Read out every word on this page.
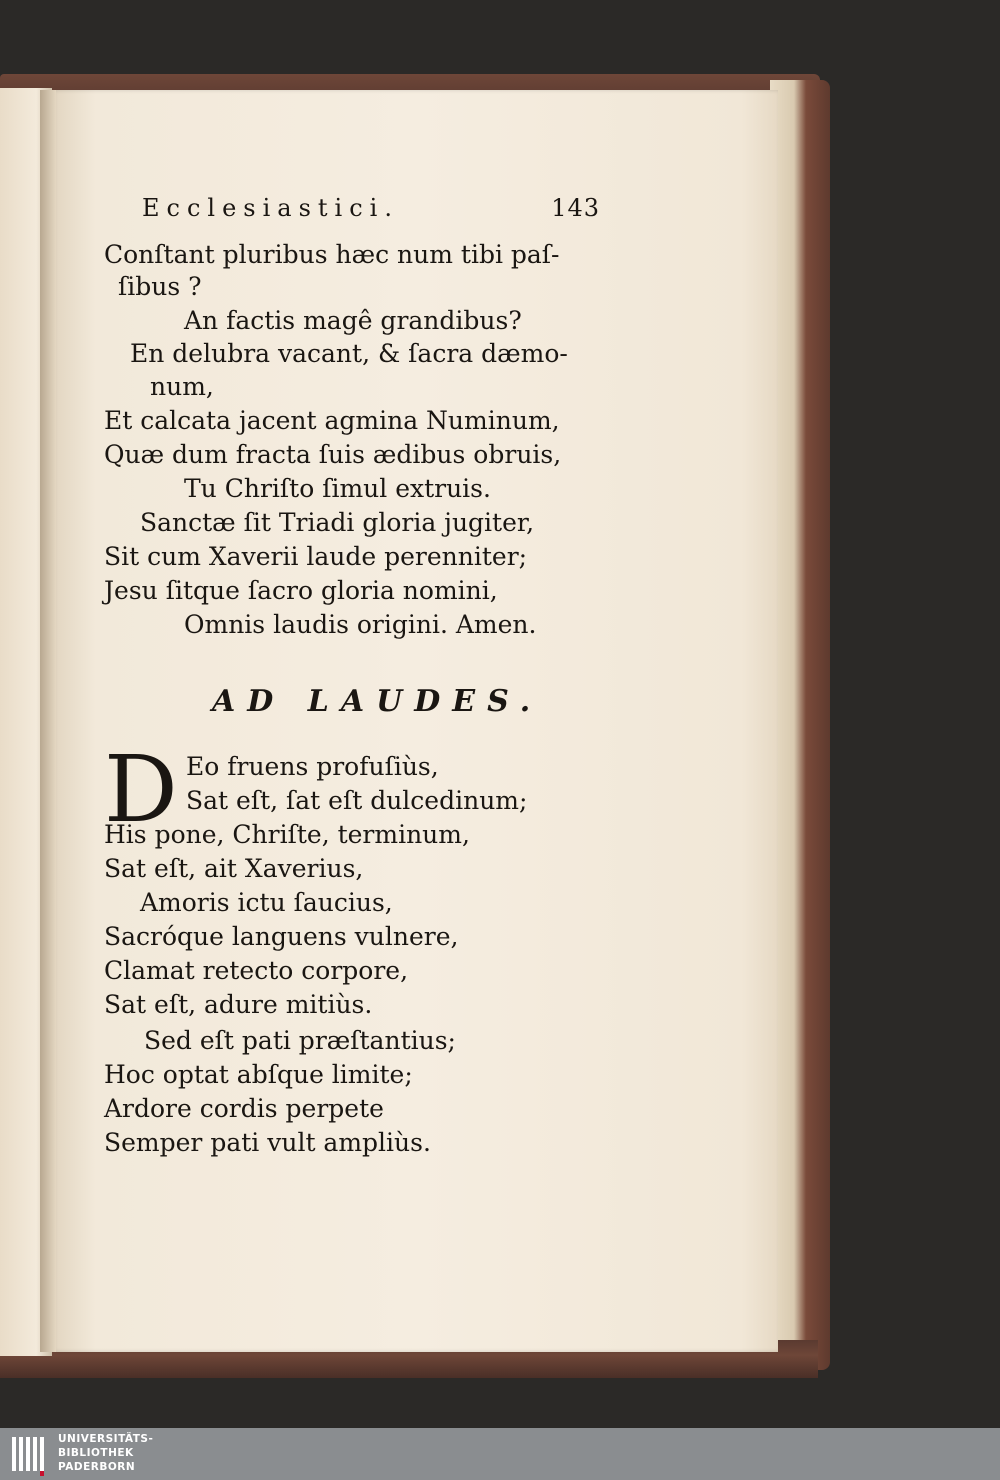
Ecclesiastici.	143
Conſtant pluribus hæc num tibi paſ-
ſibus ?
An factis magê grandibus?
En delubra vacant, & ſacra dæmo-
num,
Et calcata jacent agmina Numinum,
Quæ dum fracta ſuis ædibus obruis,
Tu Chriſto ſimul extruis.
Sanctæ ſit Triadi gloria jugiter,
Sit cum Xaverii laude perenniter;
Jesu ſitque ſacro gloria nomini,
Omnis laudis origini. Amen.
AD LAUDES.
D Eo fruens profuſiùs,
Sat eſt, ſat eſt dulcedinum;
His pone, Chriſte, terminum,
Sat eſt, ait Xaverius,
Amoris ictu ſaucius,
Sacróque languens vulnere,
Clamat retecto corpore,
Sat eſt, adure mitiùs.
Sed eſt pati præſtantius;
Hoc optat abſque limite;
Ardore cordis perpete
Semper pati vult ampliùs.
UNIVERSITÄTS-
BIBLIOTHEK
PADERBORN
